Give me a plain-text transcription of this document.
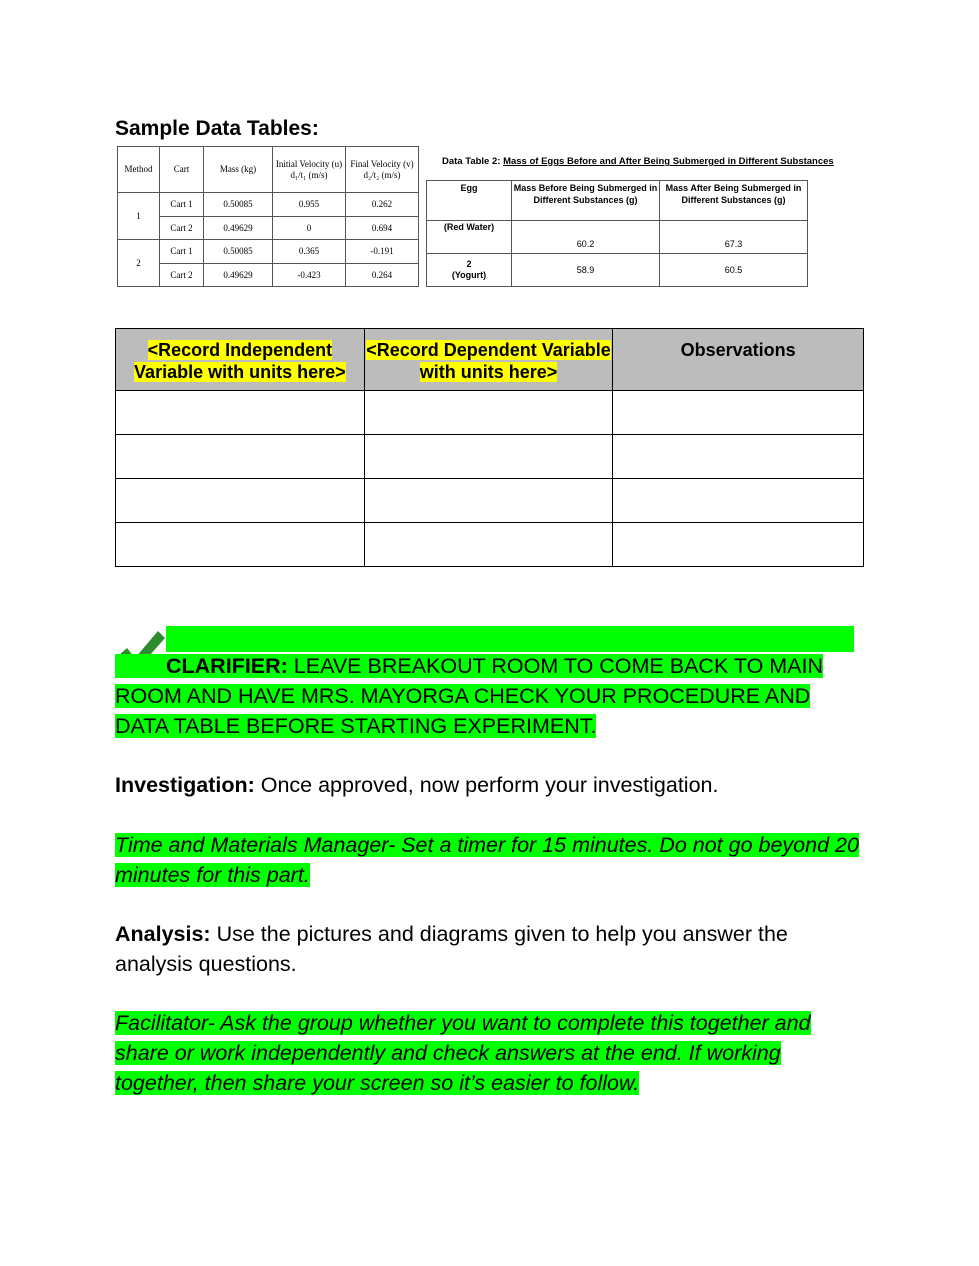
Sample Data Tables:
Method	Cart	Mass (kg)	Initial Velocity (u) d₁/t₁ (m/s)	Final Velocity (v) d₂/t₂ (m/s)
1	Cart 1	0.50085	0.955	0.262
	Cart 2	0.49629	0	0.694
2	Cart 1	0.50085	0.365	-0.191
	Cart 2	0.49629	-0.423	0.264
Data Table 2: Mass of Eggs Before and After Being Submerged in Different Substances
Egg	Mass Before Being Submerged in Different Substances (g)	Mass After Being Submerged in Different Substances (g)

(Red Water)	60.2	67.3

2
(Yogurt)	58.9	60.5
<Record Independent Variable with units here>	<Record Dependent Variable with units here>	Observations

CLARIFIER: LEAVE BREAKOUT ROOM TO COME BACK TO MAIN ROOM AND HAVE MRS. MAYORGA CHECK YOUR PROCEDURE AND DATA TABLE BEFORE STARTING EXPERIMENT.
Investigation: Once approved, now perform your investigation.
Time and Materials Manager- Set a timer for 15 minutes. Do not go beyond 20 minutes for this part.
Analysis: Use the pictures and diagrams given to help you answer the analysis questions.
Facilitator- Ask the group whether you want to complete this together and share or work independently and check answers at the end. If working together, then share your screen so it’s easier to follow.
